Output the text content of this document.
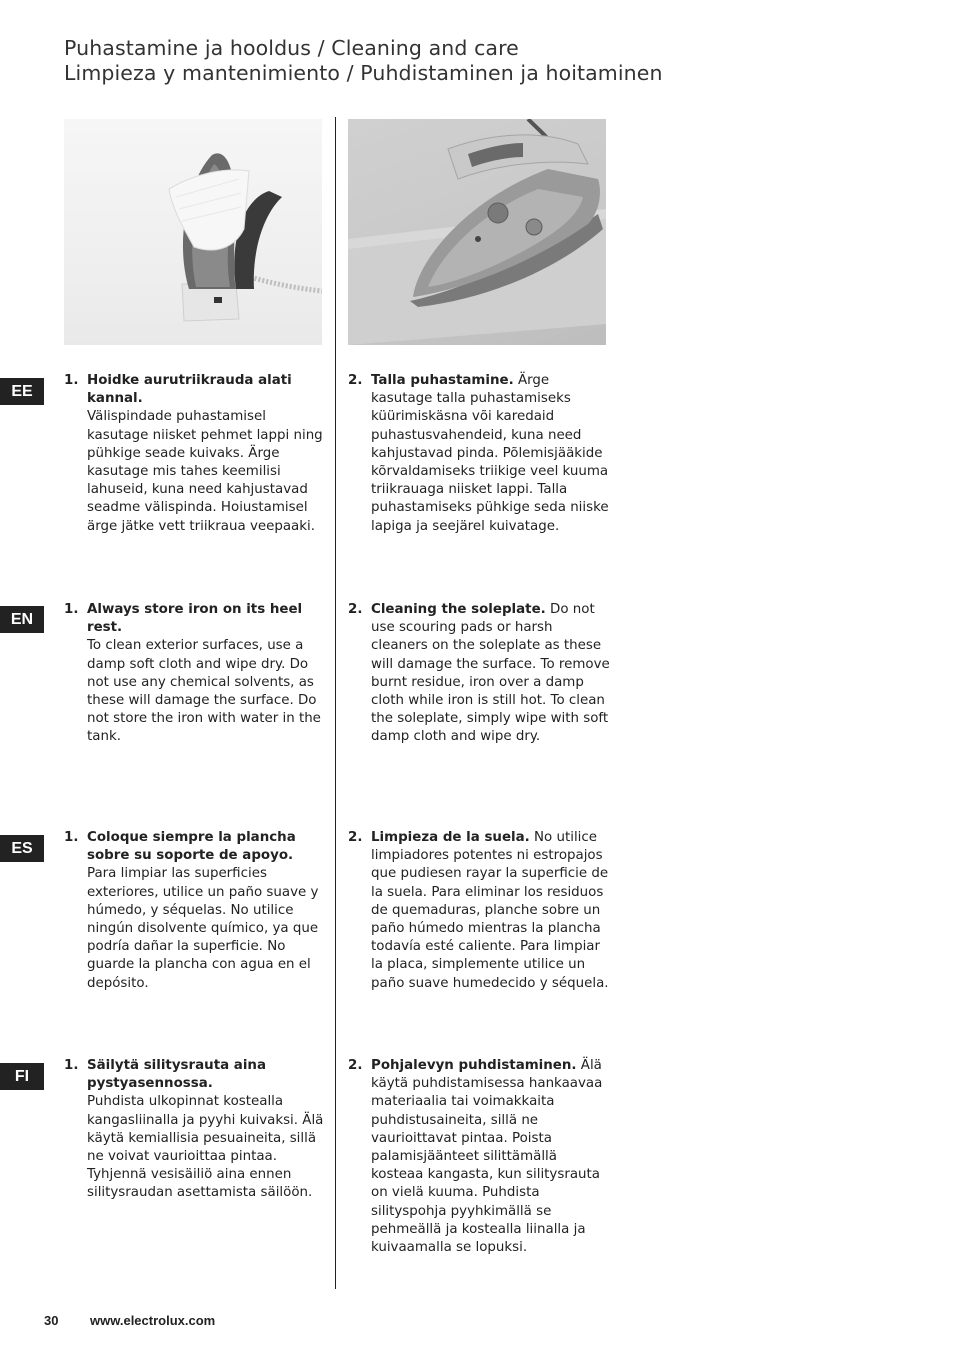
Puhastamine ja hooldus / Cleaning and care
Limpieza y mantenimiento / Puhdistaminen ja hoitaminen
EE
1. Hoidke aurutriikrauda alati kannal.
Välispindade puhastamisel kasutage niisket pehmet lappi ning pühkige seade kuivaks. Ärge kasutage mis tahes keemilisi lahuseid, kuna need kahjustavad seadme välispinda. Hoiustamisel ärge jätke vett triikraua veepaaki.
2. Talla puhastamine. Ärge kasutage talla puhastamiseks küürimiskäsna või karedaid puhastusvahendeid, kuna need kahjustavad pinda. Põlemisjääkide kõrvaldamiseks triikige veel kuuma triikrauaga niisket lappi. Talla puhastamiseks pühkige seda niiske lapiga ja seejärel kuivatage.
EN
1. Always store iron on its heel rest.
To clean exterior surfaces, use a damp soft cloth and wipe dry. Do not use any chemical solvents, as these will damage the surface. Do not store the iron with water in the tank.
2. Cleaning the soleplate. Do not use scouring pads or harsh cleaners on the soleplate as these will damage the surface. To remove burnt residue, iron over a damp cloth while iron is still hot. To clean the soleplate, simply wipe with soft damp cloth and wipe dry.
ES
1. Coloque siempre la plancha sobre su soporte de apoyo.
Para limpiar las superficies exteriores, utilice un paño suave y húmedo, y séquelas. No utilice ningún disolvente químico, ya que podría dañar la superficie. No guarde la plancha con agua en el depósito.
2. Limpieza de la suela. No utilice limpiadores potentes ni estropajos que pudiesen rayar la superficie de la suela. Para eliminar los residuos de quemaduras, planche sobre un paño húmedo mientras la plancha todavía esté caliente. Para limpiar la placa, simplemente utilice un paño suave humedecido y séquela.
FI
1. Säilytä silitysrauta aina pystyasennossa.
Puhdista ulkopinnat kostealla kangasliinalla ja pyyhi kuivaksi. Älä käytä kemiallisia pesuaineita, sillä ne voivat vaurioittaa pintaa. Tyhjennä vesisäiliö aina ennen silitysraudan asettamista säilöön.
2. Pohjalevyn puhdistaminen. Älä käytä puhdistamisessa hankaavaa materiaalia tai voimakkaita puhdistusaineita, sillä ne vaurioittavat pintaa. Poista palamisjäänteet silittämällä kosteaa kangasta, kun silitysrauta on vielä kuuma. Puhdista silityspohja pyyhkimällä se pehmeällä ja kostealla liinalla ja kuivaamalla se lopuksi.
30 www.electrolux.com
